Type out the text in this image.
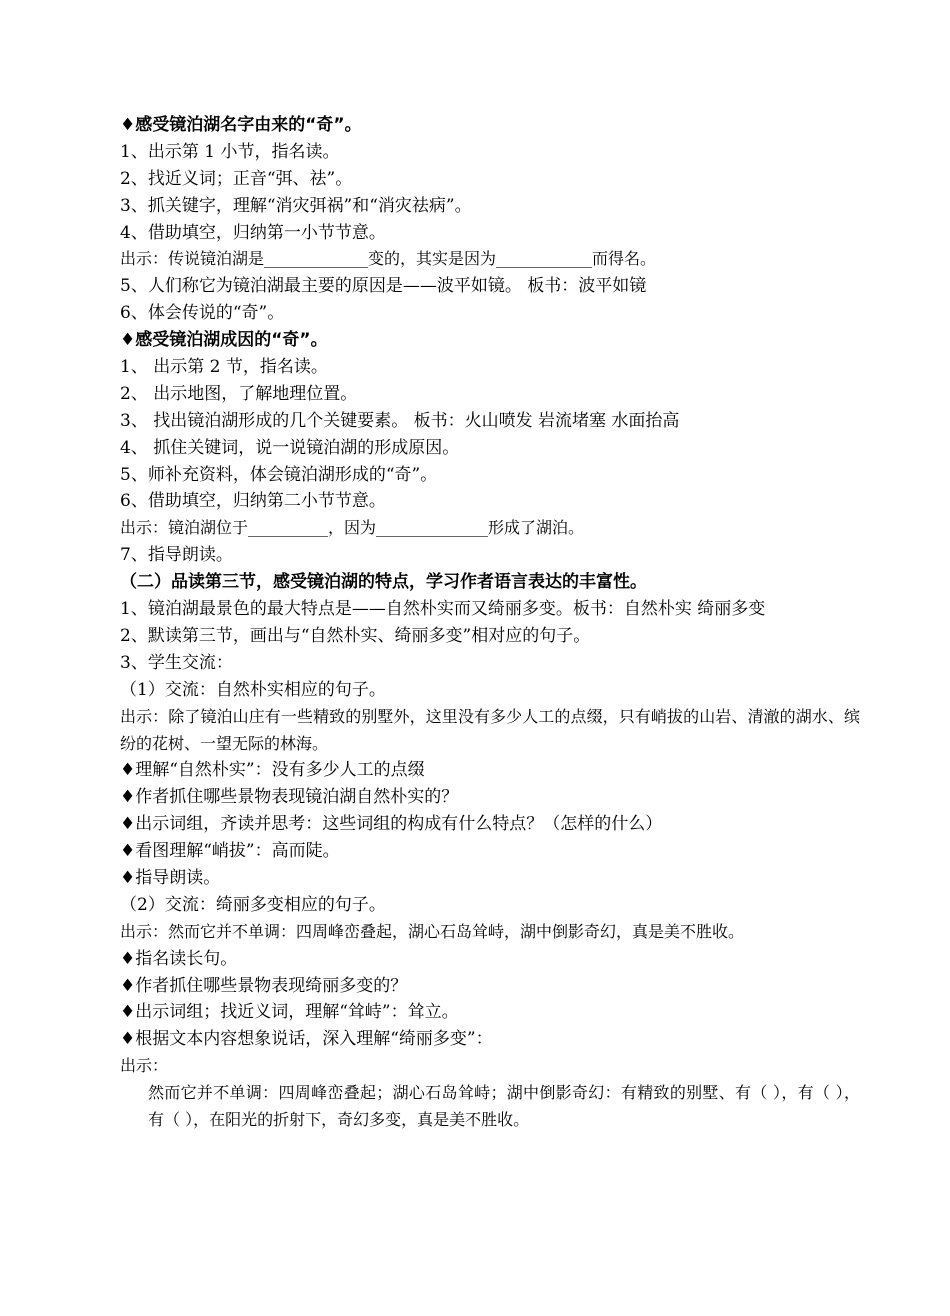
♦感受镜泊湖名字由来的“奇”。
1、出示第 1 小节，指名读。
2、找近义词；正音“弭、祛”。
3、抓关键字，理解“消灾弭祸”和“消灾祛病”。
4、借助填空，归纳第一小节节意。
出示：传说镜泊湖是_____________变的，其实是因为____________而得名。
5、人们称它为镜泊湖最主要的原因是——波平如镜。 板书：波平如镜
6、体会传说的“奇”。
♦感受镜泊湖成因的“奇”。
1、 出示第 2 节，指名读。
2、 出示地图，了解地理位置。
3、 找出镜泊湖形成的几个关键要素。 板书：火山喷发 岩流堵塞 水面抬高
4、 抓住关键词，说一说镜泊湖的形成原因。
5、师补充资料，体会镜泊湖形成的“奇”。
6、借助填空，归纳第二小节节意。
出示：镜泊湖位于__________，因为______________形成了湖泊。
7、指导朗读。
（二）品读第三节，感受镜泊湖的特点，学习作者语言表达的丰富性。
1、镜泊湖最景色的最大特点是——自然朴实而又绮丽多变。板书：自然朴实 绮丽多变
2、默读第三节，画出与“自然朴实、绮丽多变”相对应的句子。
3、学生交流：
（1）交流：自然朴实相应的句子。
出示：除了镜泊山庄有一些精致的别墅外，这里没有多少人工的点缀，只有峭拔的山岩、清澈的湖水、缤纷的花树、一望无际的林海。
♦理解“自然朴实”：没有多少人工的点缀
♦作者抓住哪些景物表现镜泊湖自然朴实的？
♦出示词组，齐读并思考：这些词组的构成有什么特点？（怎样的什么）
♦看图理解“峭拔”：高而陡。
♦指导朗读。
（2）交流：绮丽多变相应的句子。
出示：然而它并不单调：四周峰峦叠起，湖心石岛耸峙，湖中倒影奇幻，真是美不胜收。
♦指名读长句。
♦作者抓住哪些景物表现绮丽多变的？
♦出示词组；找近义词，理解“耸峙”：耸立。
♦根据文本内容想象说话，深入理解“绮丽多变”：
出示：
然而它并不单调：四周峰峦叠起；湖心石岛耸峙；湖中倒影奇幻：有精致的别墅、有（ ），有（ ），有（ ），在阳光的折射下，奇幻多变，真是美不胜收。
